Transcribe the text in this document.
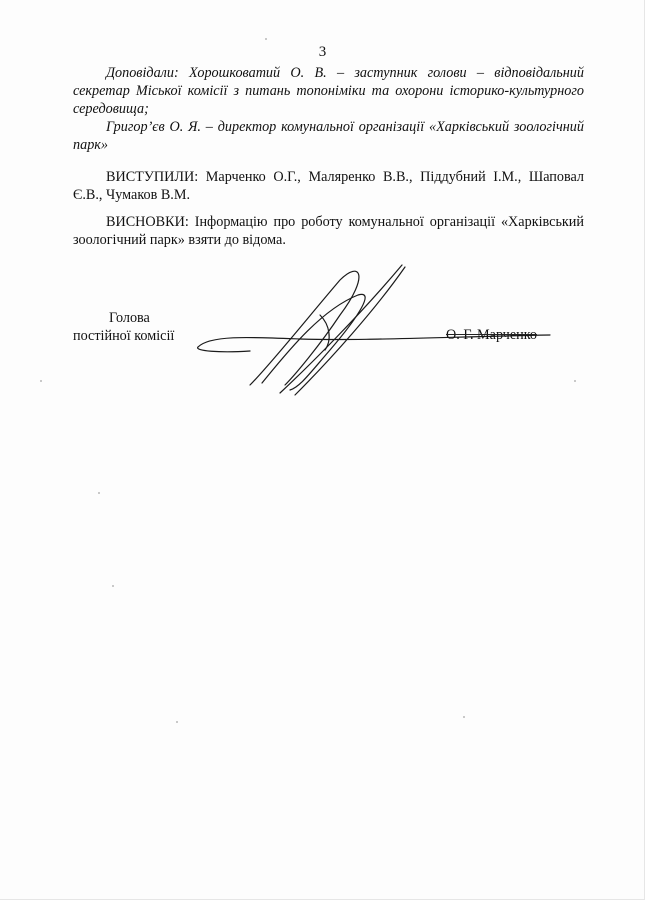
3
Доповідали: Хорошковатий О. В. – заступник голови – відповідальний секретар Міської комісії з питань топоніміки та охорони історико-культурного середовища;
Григор’єв О. Я. – директор комунальної організації «Харківський зоологічний парк»
ВИСТУПИЛИ: Марченко О.Г., Маляренко В.В., Піддубний І.М., Шаповал Є.В., Чумаков В.М.
ВИСНОВКИ: Інформацію про роботу комунальної організації «Харківський зоологічний парк» взяти до відома.
Голова
постійної комісії	О. Г. Марченко
